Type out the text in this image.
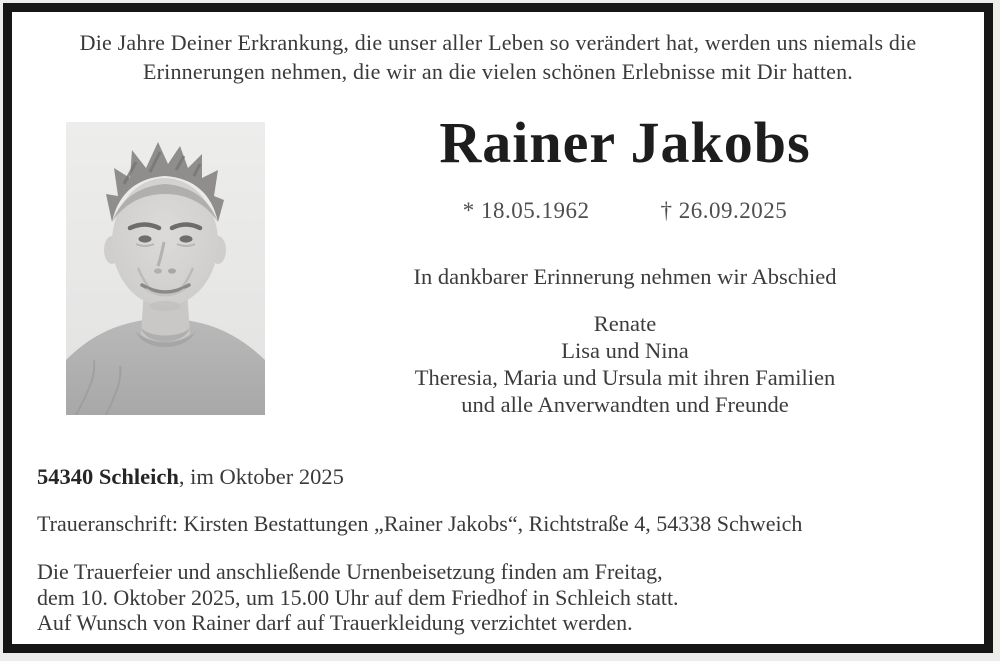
Die Jahre Deiner Erkrankung, die unser aller Leben so verändert hat, werden uns niemals die Erinnerungen nehmen, die wir an die vielen schönen Erlebnisse mit Dir hatten.
Rainer Jakobs
* 18.05.1962	† 26.09.2025
In dankbarer Erinnerung nehmen wir Abschied
Renate
Lisa und Nina
Theresia, Maria und Ursula mit ihren Familien
und alle Anverwandten und Freunde
54340 Schleich, im Oktober 2025
Traueranschrift: Kirsten Bestattungen „Rainer Jakobs“, Richtstraße 4, 54338 Schweich
Die Trauerfeier und anschließende Urnenbeisetzung finden am Freitag,
dem 10. Oktober 2025, um 15.00 Uhr auf dem Friedhof in Schleich statt.
Auf Wunsch von Rainer darf auf Trauerkleidung verzichtet werden.
